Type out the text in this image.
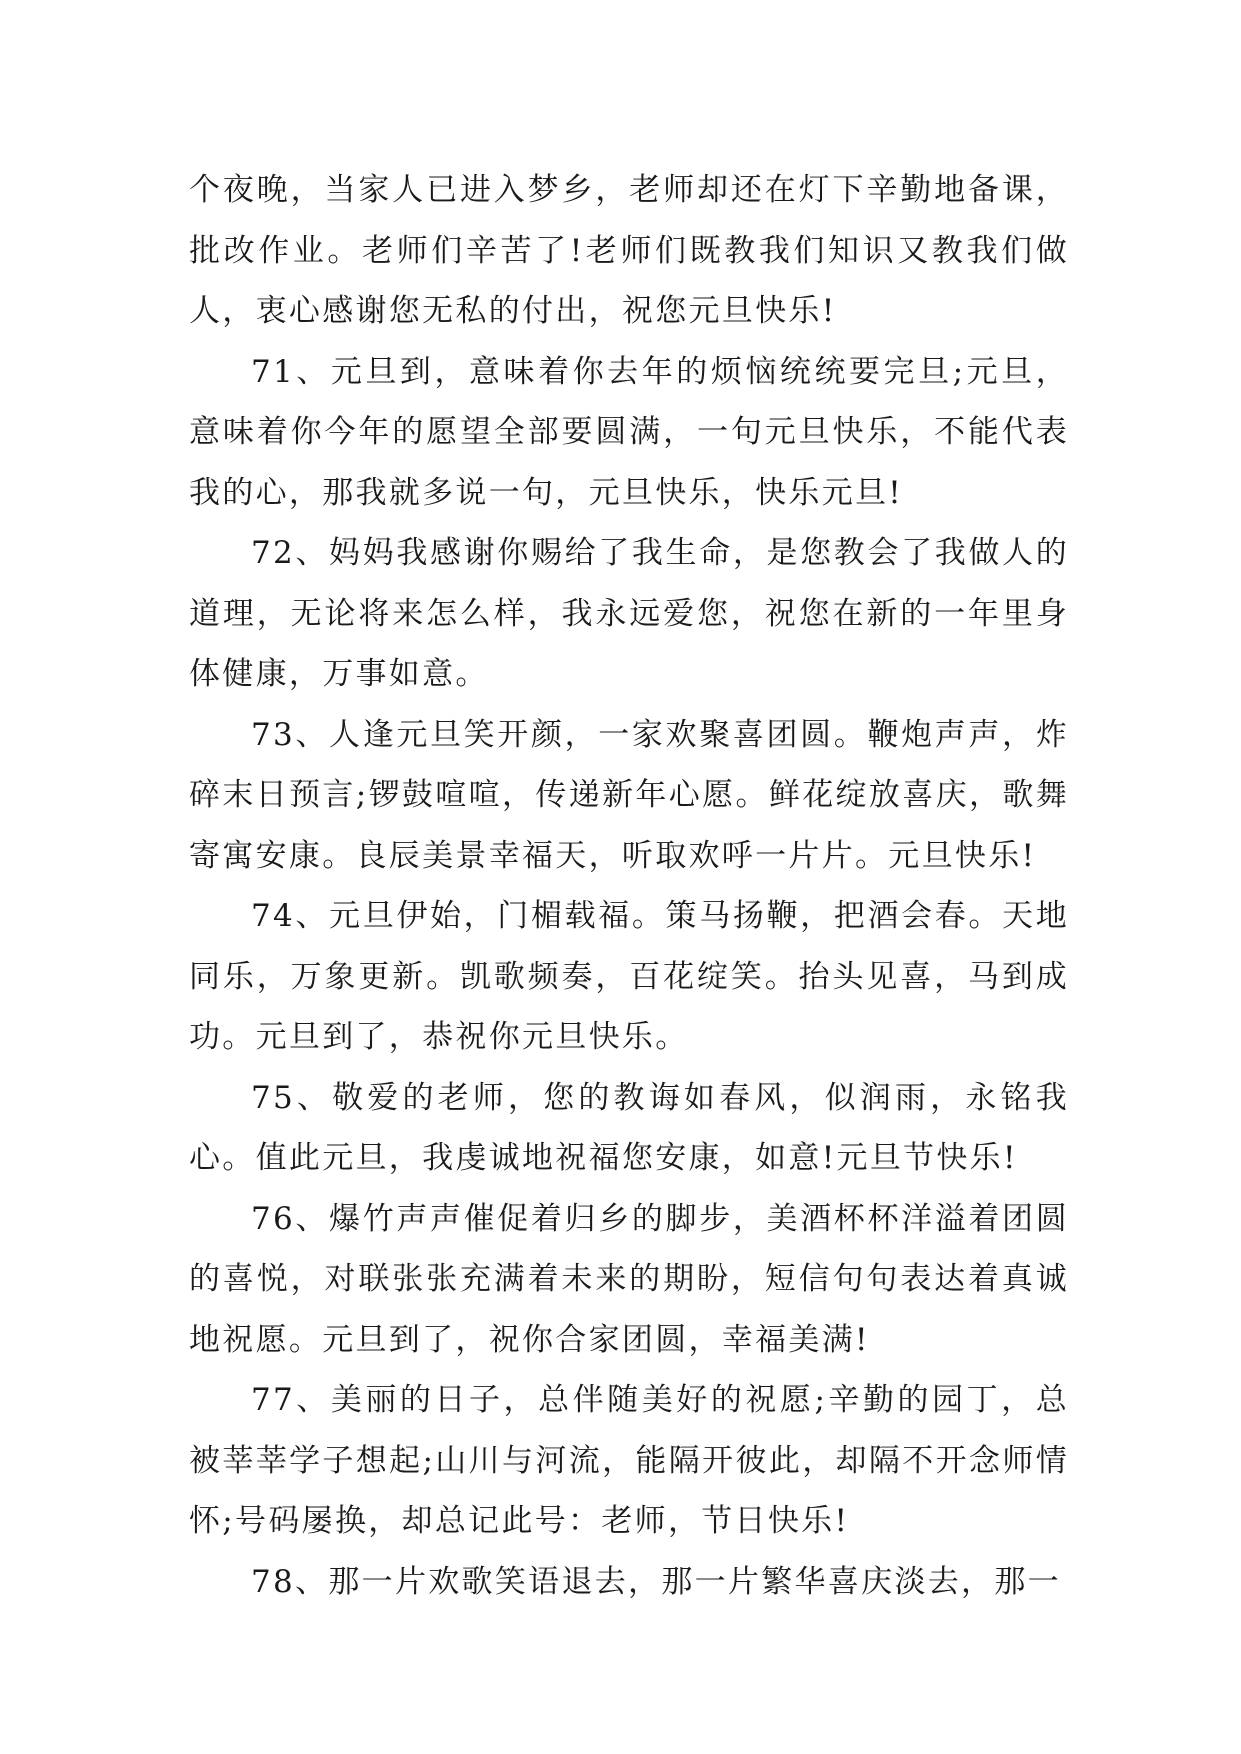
个夜晚，当家人已进入梦乡，老师却还在灯下辛勤地备课，批改作业。老师们辛苦了!老师们既教我们知识又教我们做人，衷心感谢您无私的付出，祝您元旦快乐!

71、元旦到，意味着你去年的烦恼统统要完旦;元旦，意味着你今年的愿望全部要圆满，一句元旦快乐，不能代表我的心，那我就多说一句，元旦快乐，快乐元旦!

72、妈妈我感谢你赐给了我生命，是您教会了我做人的道理，无论将来怎么样，我永远爱您，祝您在新的一年里身体健康，万事如意。

73、人逢元旦笑开颜，一家欢聚喜团圆。鞭炮声声，炸碎末日预言;锣鼓喧喧，传递新年心愿。鲜花绽放喜庆，歌舞寄寓安康。良辰美景幸福天，听取欢呼一片片。元旦快乐!

74、元旦伊始，门楣载福。策马扬鞭，把酒会春。天地同乐，万象更新。凯歌频奏，百花绽笑。抬头见喜，马到成功。元旦到了，恭祝你元旦快乐。

75、敬爱的老师，您的教诲如春风，似润雨，永铭我心。值此元旦，我虔诚地祝福您安康，如意!元旦节快乐!

76、爆竹声声催促着归乡的脚步，美酒杯杯洋溢着团圆的喜悦，对联张张充满着未来的期盼，短信句句表达着真诚地祝愿。元旦到了，祝你合家团圆，幸福美满!

77、美丽的日子，总伴随美好的祝愿;辛勤的园丁，总被莘莘学子想起;山川与河流，能隔开彼此，却隔不开念师情怀;号码屡换，却总记此号：老师，节日快乐!

78、那一片欢歌笑语退去，那一片繁华喜庆淡去，那一
